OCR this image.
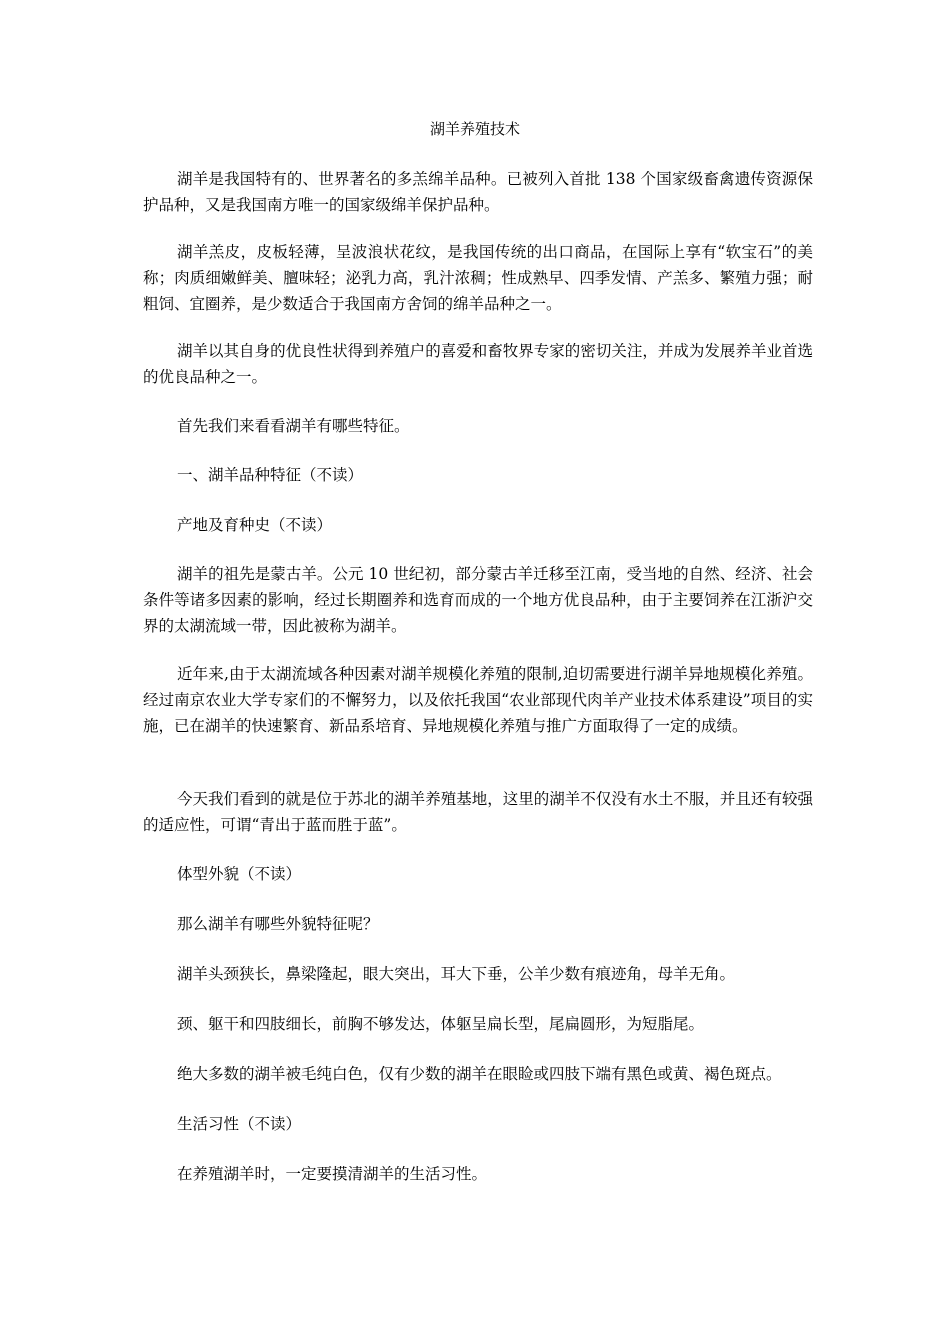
湖羊养殖技术

湖羊是我国特有的、世界著名的多羔绵羊品种。已被列入首批 138 个国家级畜禽遗传资源保护品种，又是我国南方唯一的国家级绵羊保护品种。

湖羊羔皮，皮板轻薄，呈波浪状花纹，是我国传统的出口商品，在国际上享有“软宝石”的美称；肉质细嫩鲜美、膻味轻；泌乳力高，乳汁浓稠；性成熟早、四季发情、产羔多、繁殖力强；耐粗饲、宜圈养，是少数适合于我国南方舍饲的绵羊品种之一。

湖羊以其自身的优良性状得到养殖户的喜爱和畜牧界专家的密切关注，并成为发展养羊业首选的优良品种之一。

首先我们来看看湖羊有哪些特征。

一、湖羊品种特征（不读）

产地及育种史（不读）

湖羊的祖先是蒙古羊。公元 10 世纪初，部分蒙古羊迁移至江南，受当地的自然、经济、社会条件等诸多因素的影响，经过长期圈养和选育而成的一个地方优良品种，由于主要饲养在江浙沪交界的太湖流域一带，因此被称为湖羊。

近年来,由于太湖流域各种因素对湖羊规模化养殖的限制,迫切需要进行湖羊异地规模化养殖。经过南京农业大学专家们的不懈努力，以及依托我国“农业部现代肉羊产业技术体系建设”项目的实施，已在湖羊的快速繁育、新品系培育、异地规模化养殖与推广方面取得了一定的成绩。

今天我们看到的就是位于苏北的湖羊养殖基地，这里的湖羊不仅没有水土不服，并且还有较强的适应性，可谓“青出于蓝而胜于蓝”。

体型外貌（不读）

那么湖羊有哪些外貌特征呢？

湖羊头颈狭长，鼻梁隆起，眼大突出，耳大下垂，公羊少数有痕迹角，母羊无角。

颈、躯干和四肢细长，前胸不够发达，体躯呈扁长型，尾扁圆形，为短脂尾。

绝大多数的湖羊被毛纯白色，仅有少数的湖羊在眼睑或四肢下端有黑色或黄、褐色斑点。

生活习性（不读）

在养殖湖羊时，一定要摸清湖羊的生活习性。
